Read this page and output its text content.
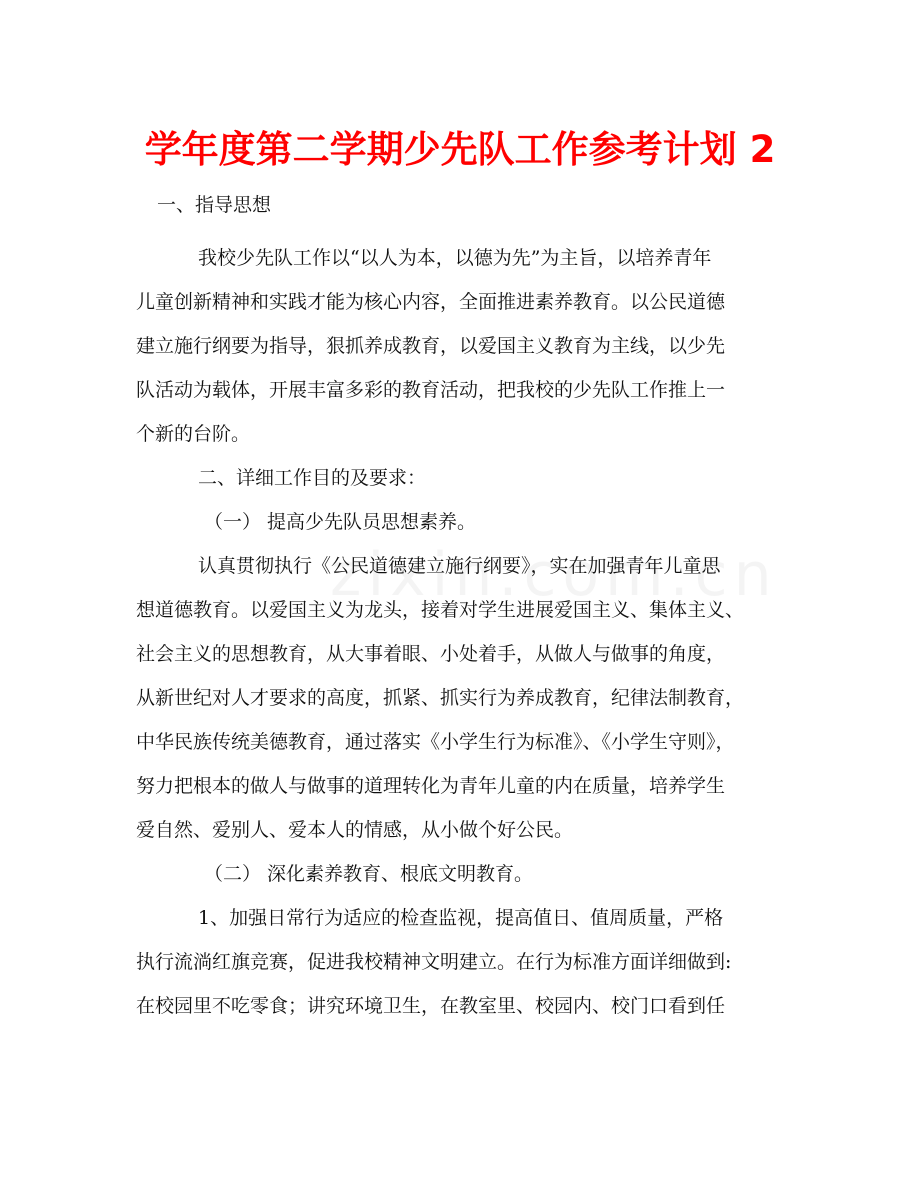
学年度第二学期少先队工作参考计划 2
一、指导思想

我校少先队工作以“以人为本，以德为先”为主旨，以培养青年
儿童创新精神和实践才能为核心内容，全面推进素养教育。以公民道德
建立施行纲要为指导，狠抓养成教育，以爱国主义教育为主线，以少先
队活动为载体，开展丰富多彩的教育活动，把我校的少先队工作推上一
个新的台阶。

二、详细工作目的及要求：

（一） 提高少先队员思想素养。

认真贯彻执行《公民道德建立施行纲要》，实在加强青年儿童思
想道德教育。以爱国主义为龙头，接着对学生进展爱国主义、集体主义、
社会主义的思想教育，从大事着眼、小处着手，从做人与做事的角度，
从新世纪对人才要求的高度，抓紧、抓实行为养成教育，纪律法制教育，
中华民族传统美德教育，通过落实《小学生行为标准》、《小学生守则》，
努力把根本的做人与做事的道理转化为青年儿童的内在质量，培养学生
爱自然、爱别人、爱本人的情感，从小做个好公民。

（二） 深化素养教育、根底文明教育。

1、加强日常行为适应的检查监视，提高值日、值周质量，严格
执行流淌红旗竞赛，促进我校精神文明建立。在行为标准方面详细做到:
在校园里不吃零食；讲究环境卫生，在教室里、校园内、校门口看到任
